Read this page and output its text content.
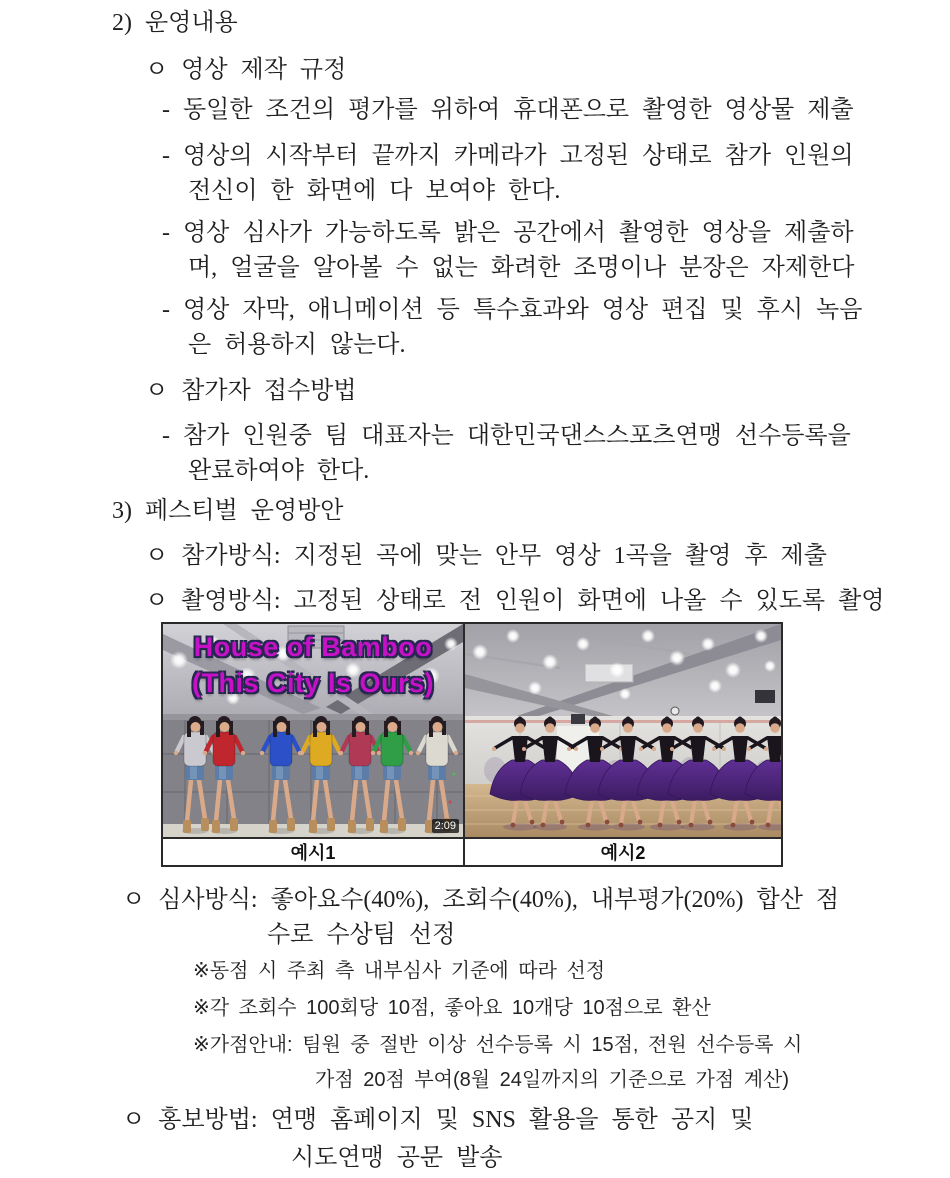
2) 운영내용
ㅇ 영상 제작 규정
- 동일한 조건의 평가를 위하여 휴대폰으로 촬영한 영상물 제출
- 영상의 시작부터 끝까지 카메라가 고정된 상태로 참가 인원의
전신이 한 화면에 다 보여야 한다.
- 영상 심사가 가능하도록 밝은 공간에서 촬영한 영상을 제출하
며, 얼굴을 알아볼 수 없는 화려한 조명이나 분장은 자제한다
- 영상 자막, 애니메이션 등 특수효과와 영상 편집 및 후시 녹음
은 허용하지 않는다.
ㅇ 참가자 접수방법
- 참가 인원중 팀 대표자는 대한민국댄스스포츠연맹 선수등록을
완료하여야 한다.
3) 페스티벌 운영방안
ㅇ 참가방식: 지정된 곡에 맞는 안무 영상 1곡을 촬영 후 제출
ㅇ 촬영방식: 고정된 상태로 전 인원이 화면에 나올 수 있도록 촬영
House of Bamboo
(This City Is Ours)
2:09

예시1	예시2
ㅇ 심사방식: 좋아요수(40%), 조회수(40%), 내부평가(20%) 합산 점
수로 수상팀 선정
※동점 시 주최 측 내부심사 기준에 따라 선정
※각 조회수 100회당 10점, 좋아요 10개당 10점으로 환산
※가점안내: 팀원 중 절반 이상 선수등록 시 15점, 전원 선수등록 시
가점 20점 부여(8월 24일까지의 기준으로 가점 계산)
ㅇ 홍보방법: 연맹 홈페이지 및 SNS 활용을 통한 공지 및
시도연맹 공문 발송
